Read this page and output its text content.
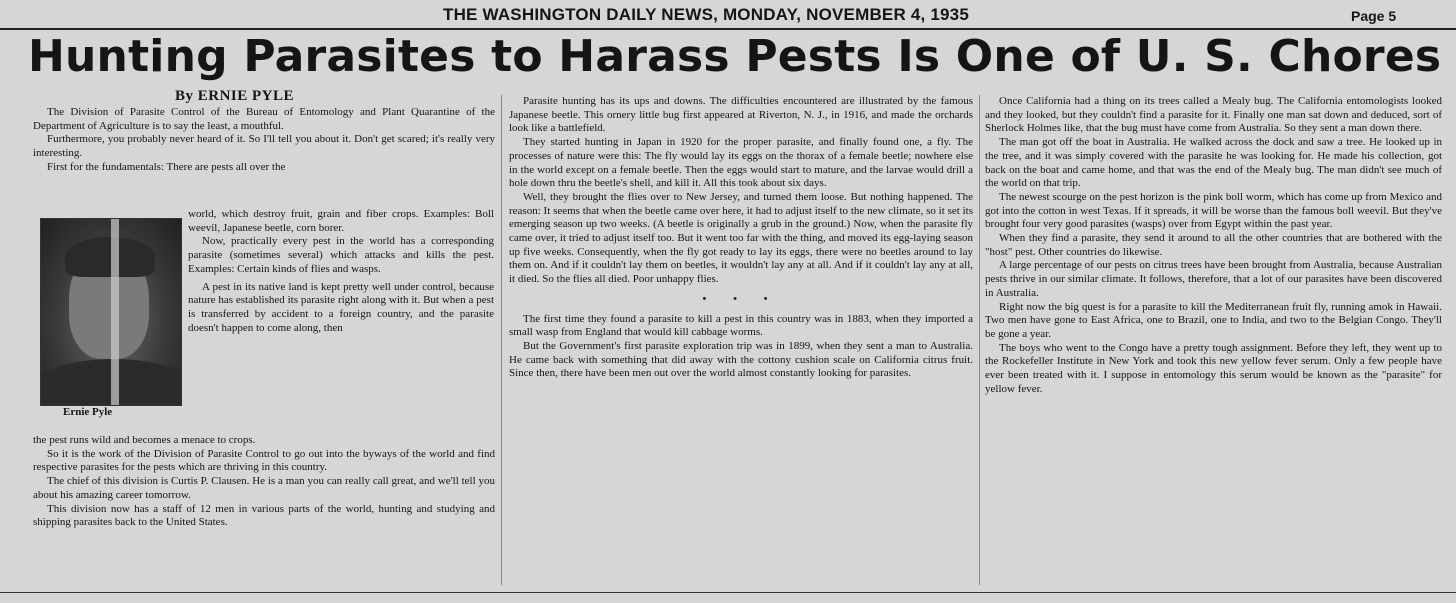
THE WASHINGTON DAILY NEWS, MONDAY, NOVEMBER 4, 1935	Page 5
Hunting Parasites to Harass Pests Is One of U. S. Chores
By ERNIE PYLE

The Division of Parasite Control of the Bureau of Entomology and Plant Quarantine of the Department of Agriculture is to say the least, a mouthful.

Furthermore, you probably never heard of it. So I'll tell you about it. Don't get scared; it's really very interesting.

First for the fundamentals: There are pests all over the

Ernie Pyle

world, which destroy fruit, grain and fiber crops. Examples: Boll weevil, Japanese beetle, corn borer.

Now, practically every pest in the world has a corresponding parasite (sometimes several) which attacks and kills the pest. Examples: Certain kinds of flies and wasps.

A pest in its native land is kept pretty well under control, because nature has established its parasite right along with it. But when a pest is transferred by accident to a foreign country, and the parasite doesn't happen to come along, then

the pest runs wild and becomes a menace to crops.

So it is the work of the Division of Parasite Control to go out into the byways of the world and find respective parasites for the pests which are thriving in this country.

The chief of this division is Curtis P. Clausen. He is a man you can really call great, and we'll tell you about his amazing career tomorrow.

This division now has a staff of 12 men in various parts of the world, hunting and studying and shipping parasites back to the United States.

Parasite hunting has its ups and downs. The difficulties encountered are illustrated by the famous Japanese beetle. This ornery little bug first appeared at Riverton, N. J., in 1916, and made the orchards look like a battlefield.

They started hunting in Japan in 1920 for the proper parasite, and finally found one, a fly. The processes of nature were this: The fly would lay its eggs on the thorax of a female beetle; nowhere else in the world except on a female beetle. Then the eggs would start to mature, and the larvae would drill a hole down thru the beetle's shell, and kill it. All this took about six days.

Well, they brought the flies over to New Jersey, and turned them loose. But nothing happened. The reason: It seems that when the beetle came over here, it had to adjust itself to the new climate, so it set its emerging season up two weeks. (A beetle is originally a grub in the ground.) Now, when the parasite fly came over, it tried to adjust itself too. But it went too far with the thing, and moved its egg-laying season up five weeks. Consequently, when the fly got ready to lay its eggs, there were no beetles around to lay them on. And if it couldn't lay them on beetles, it wouldn't lay any at all. And if it couldn't lay any at all, it died. So the flies all died. Poor unhappy flies.

• • •

The first time they found a parasite to kill a pest in this country was in 1883, when they imported a small wasp from England that would kill cabbage worms.

But the Government's first parasite exploration trip was in 1899, when they sent a man to Australia. He came back with something that did away with the cottony cushion scale on California citrus fruit. Since then, there have been men out over the world almost constantly looking for parasites.

Once California had a thing on its trees called a Mealy bug. The California entomologists looked and they looked, but they couldn't find a parasite for it. Finally one man sat down and deduced, sort of Sherlock Holmes like, that the bug must have come from Australia. So they sent a man down there.

The man got off the boat in Australia. He walked across the dock and saw a tree. He looked up in the tree, and it was simply covered with the parasite he was looking for. He made his collection, got back on the boat and came home, and that was the end of the Mealy bug. The man didn't see much of the world on that trip.

The newest scourge on the pest horizon is the pink boll worm, which has come up from Mexico and got into the cotton in west Texas. If it spreads, it will be worse than the famous boll weevil. But they've brought four very good parasites (wasps) over from Egypt within the past year.

When they find a parasite, they send it around to all the other countries that are bothered with the "host" pest. Other countries do likewise.

A large percentage of our pests on citrus trees have been brought from Australia, because Australian pests thrive in our similar climate. It follows, therefore, that a lot of our parasites have been discovered in Australia.

Right now the big quest is for a parasite to kill the Mediterranean fruit fly, running amok in Hawaii. Two men have gone to East Africa, one to Brazil, one to India, and two to the Belgian Congo. They'll be gone a year.

The boys who went to the Congo have a pretty tough assignment. Before they left, they went up to the Rockefeller Institute in New York and took this new yellow fever serum. Only a few people have ever been treated with it. I suppose in entomology this serum would be known as the "parasite" for yellow fever.
